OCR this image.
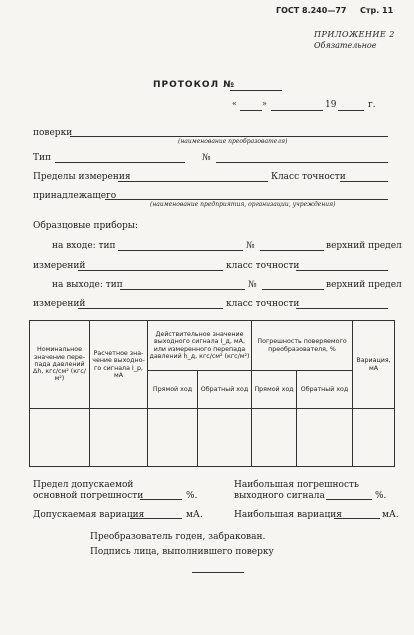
ГОСТ 8.240—77 Стр. 11
ПРИЛОЖЕНИЕ 2
Обязательное
ПРОТОКОЛ №
«	»	19	г.
поверки
(наименование преобразователя)
Тип	№
Пределы измерения	Класс точности
принадлежащего
(наименование предприятия, организации, учреждения)
Образцовые приборы:
на входе: тип	№	верхний предел
измерений	класс точности
на выходе: тип	№	верхний предел
измерений	класс точности
Номинальное значение пере- пада давлений Δh, кгс/см² (кгс/м²)	Расчетное зна- чение выходно- го сигнала I_р, мА	Действительное значение выходного сигнала I_д, мА, или измеренного перепада давлений h_д, кгс/см² (кгс/м²)		Погрешность поверяемого преобразователя, %		Вариация, мА
		Прямой ход	Обратный ход	Прямой ход	Обратный ход	

Предел допускаемой
основной погрешности	%.
Наибольшая погрешность
выходного сигнала	%.
Допускаемая вариация	мА.	Наибольшая вариация	мА.
Преобразователь годен, забракован.
Подпись лица, выполнившего поверку
